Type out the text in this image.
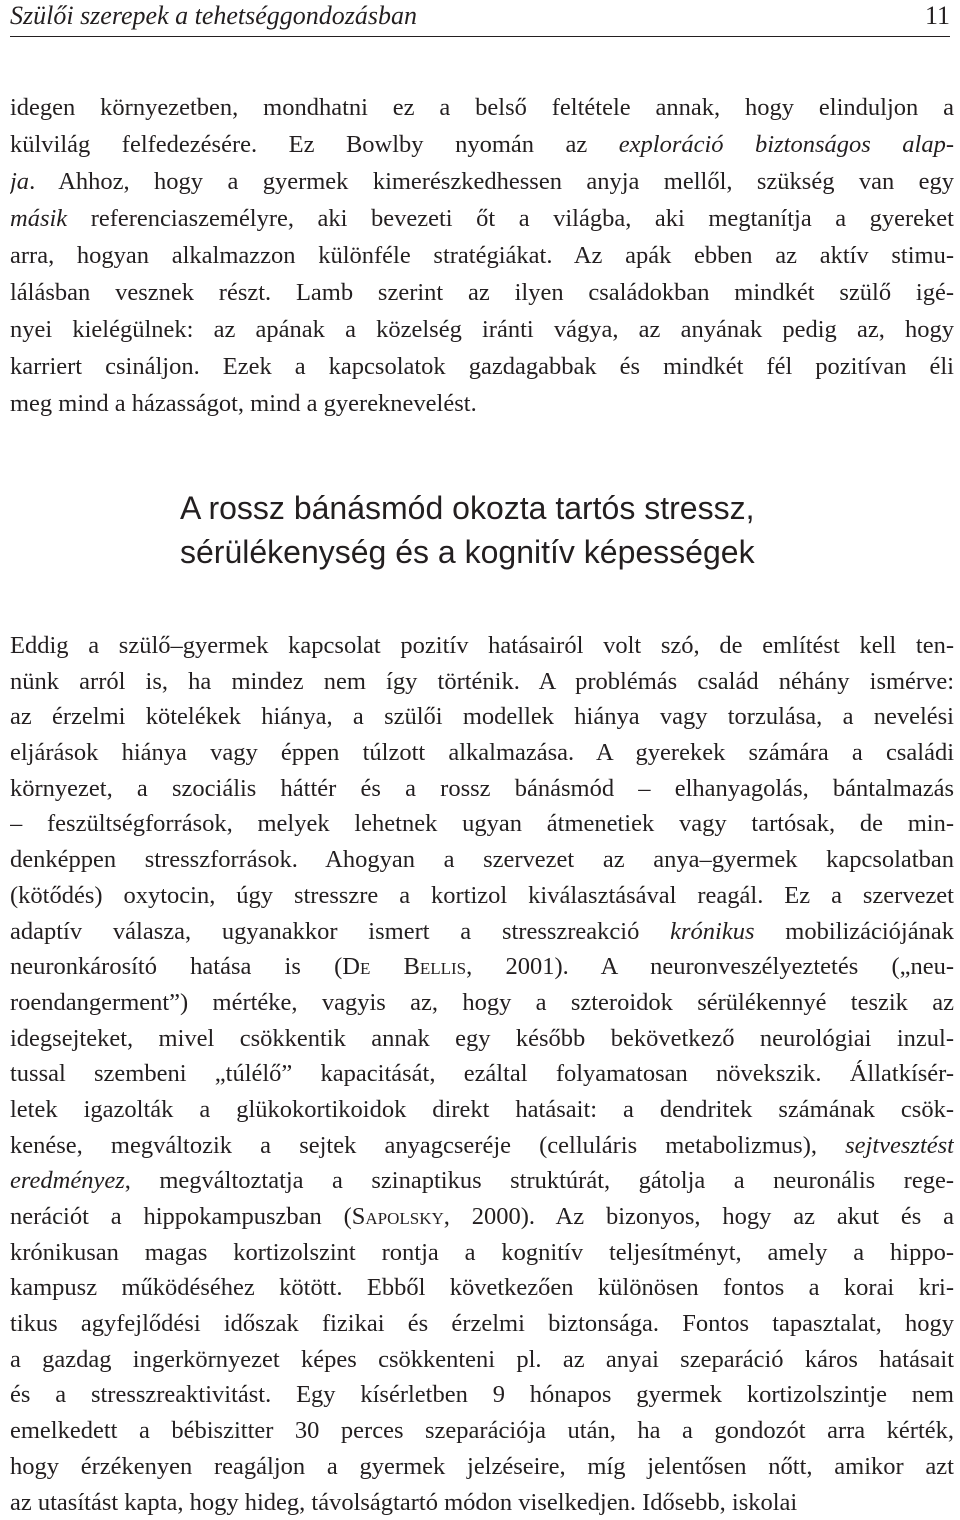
Szülői szerepek a tehetséggondozásban	11
idegen környezetben, mondhatni ez a belső feltétele annak, hogy elinduljon a
külvilág felfedezésére. Ez Bowlby nyomán az exploráció biztonságos alap-
ja. Ahhoz, hogy a gyermek kimerészkedhessen anyja mellől, szükség van egy
másik referenciaszemélyre, aki bevezeti őt a világba, aki megtanítja a gyereket
arra, hogyan alkalmazzon különféle stratégiákat. Az apák ebben az aktív stimu-
lálásban vesznek részt. Lamb szerint az ilyen családokban mindkét szülő igé-
nyei kielégülnek: az apának a közelség iránti vágya, az anyának pedig az, hogy
karriert csináljon. Ezek a kapcsolatok gazdagabbak és mindkét fél pozitívan éli
meg mind a házasságot, mind a gyereknevelést.
A rossz bánásmód okozta tartós stressz,
sérülékenység és a kognitív képességek
Eddig a szülő–gyermek kapcsolat pozitív hatásairól volt szó, de említést kell ten-
nünk arról is, ha mindez nem így történik. A problémás család néhány ismérve:
az érzelmi kötelékek hiánya, a szülői modellek hiánya vagy torzulása, a nevelési
eljárások hiánya vagy éppen túlzott alkalmazása. A gyerekek számára a családi
környezet, a szociális háttér és a rossz bánásmód – elhanyagolás, bántalmazás
– feszültségforrások, melyek lehetnek ugyan átmenetiek vagy tartósak, de min-
denképpen stresszforrások. Ahogyan a szervezet az anya–gyermek kapcsolatban
(kötődés) oxytocin, úgy stresszre a kortizol kiválasztásával reagál. Ez a szervezet
adaptív válasza, ugyanakkor ismert a stresszreakció krónikus mobilizációjának
neuronkárosító hatása is (De Bellis, 2001). A neuronveszélyeztetés („neu-
roendangerment”) mértéke, vagyis az, hogy a szteroidok sérülékennyé teszik az
idegsejteket, mivel csökkentik annak egy később bekövetkező neurológiai inzul-
tussal szembeni „túlélő” kapacitását, ezáltal folyamatosan növekszik. Állatkísér-
letek igazolták a glükokortikoidok direkt hatásait: a dendritek számának csök-
kenése, megváltozik a sejtek anyagcseréje (celluláris metabolizmus), sejtvesztést
eredményez, megváltoztatja a szinaptikus struktúrát, gátolja a neuronális rege-
nerációt a hippokampuszban (Sapolsky, 2000). Az bizonyos, hogy az akut és a
krónikusan magas kortizolszint rontja a kognitív teljesítményt, amely a hippo-
kampusz működéséhez kötött. Ebből következően különösen fontos a korai kri-
tikus agyfejlődési időszak fizikai és érzelmi biztonsága. Fontos tapasztalat, hogy
a gazdag ingerkörnyezet képes csökkenteni pl. az anyai szeparáció káros hatásait
és a stresszreaktivitást. Egy kísérletben 9 hónapos gyermek kortizolszintje nem
emelkedett a bébiszitter 30 perces szeparációja után, ha a gondozót arra kérték,
hogy érzékenyen reagáljon a gyermek jelzéseire, míg jelentősen nőtt, amikor azt
az utasítást kapta, hogy hideg, távolságtartó módon viselkedjen. Idősebb, iskolai
